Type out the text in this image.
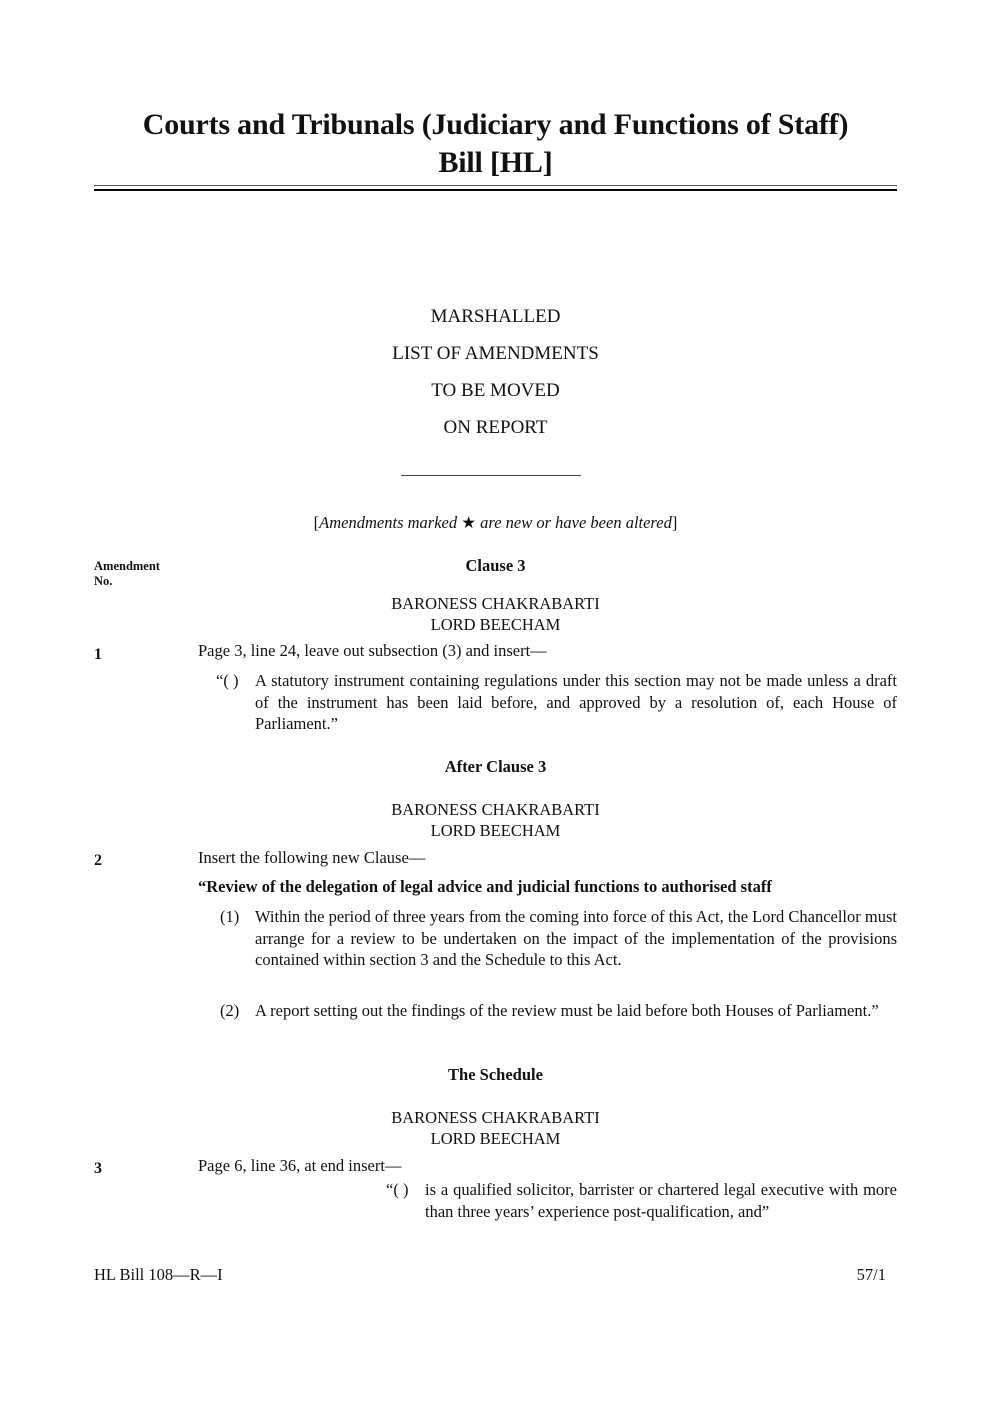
Courts and Tribunals (Judiciary and Functions of Staff)
Bill [HL]
MARSHALLED
LIST OF AMENDMENTS
TO BE MOVED
ON REPORT
[Amendments marked ★ are new or have been altered]
Amendment
No.
Clause 3
BARONESS CHAKRABARTI
LORD BEECHAM
1	Page 3, line 24, leave out subsection (3) and insert—
“( ) A statutory instrument containing regulations under this section may not be made unless a draft of the instrument has been laid before, and approved by a resolution of, each House of Parliament.”
After Clause 3
BARONESS CHAKRABARTI
LORD BEECHAM
2	Insert the following new Clause—
“Review of the delegation of legal advice and judicial functions to authorised staff
(1) Within the period of three years from the coming into force of this Act, the Lord Chancellor must arrange for a review to be undertaken on the impact of the implementation of the provisions contained within section 3 and the Schedule to this Act.
(2) A report setting out the findings of the review must be laid before both Houses of Parliament.”
The Schedule
BARONESS CHAKRABARTI
LORD BEECHAM
3	Page 6, line 36, at end insert—
“( ) is a qualified solicitor, barrister or chartered legal executive with more than three years’ experience post-qualification, and”
HL Bill 108—R—I	57/1
